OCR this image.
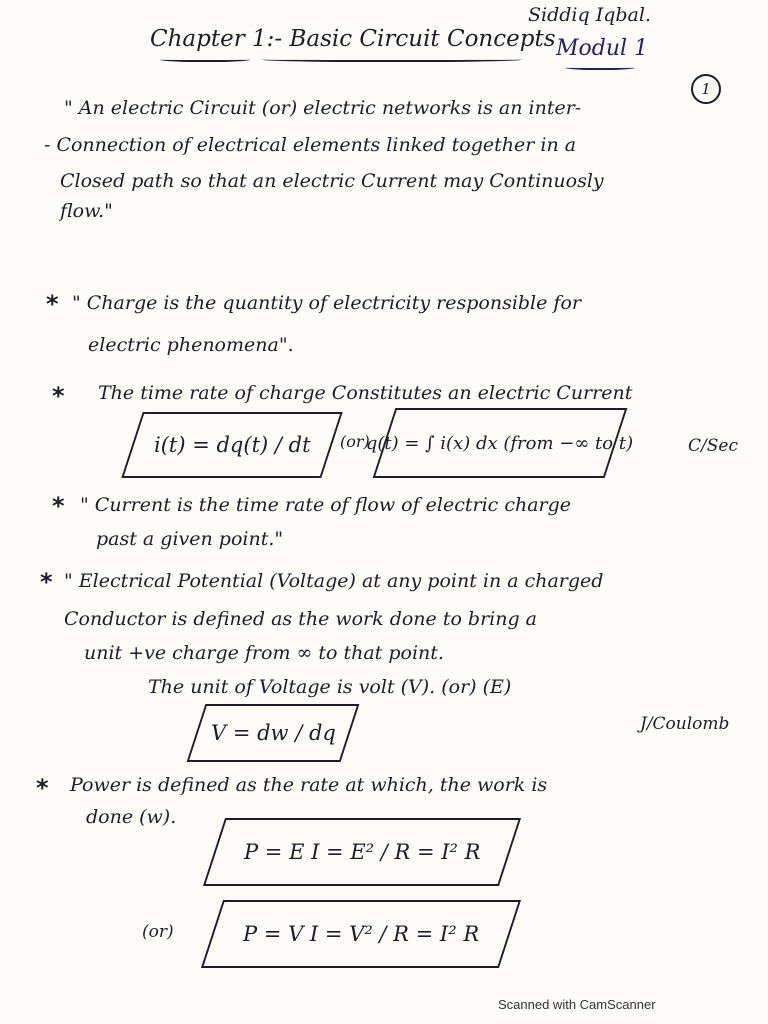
Chapter 1:- Basic Circuit Concepts
Siddiq Iqbal.
Modul 1
1
" An electric Circuit (or) electric networks is an inter-
- Connection of electrical elements linked together in a
Closed path so that an electric Current may Continuosly
flow."
* " Charge is the quantity of electricity responsible for
electric phenomena".
* The time rate of charge Constitutes an electric Current
i(t) = dq(t) / dt (or)
q(t) = ∫ i(x) dx (from −∞ to t)	C/Sec
* " Current is the time rate of flow of electric charge
past a given point."
* " Electrical Potential (Voltage) at any point in a charged
Conductor is defined as the work done to bring a
unit +ve charge from ∞ to that point.
The unit of Voltage is volt (V). (or) (E)
V = dw / dq	J/Coulomb
* Power is defined as the rate at which, the work is
done (w).
P = E I = E² / R = I² R
(or)	P = V I = V² / R = I² R
Scanned with CamScanner
